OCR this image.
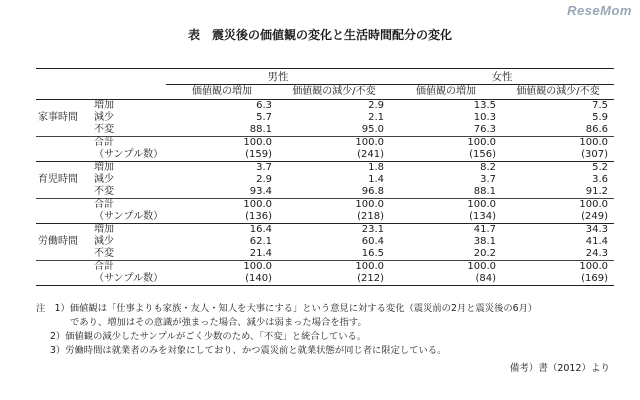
ReseMom
表　震災後の価値観の変化と生活時間配分の変化
		男性		女性	
		価値観の増加	価値観の減少/不変	価値観の増加	価値観の減少/不変
家事時間	増加	6.3	2.9	13.5	7.5
	減少	5.7	2.1	10.3	5.9
	不変	88.1	95.0	76.3	86.6
	合計	100.0	100.0	100.0	100.0
	（サンプル数）	(159)	(241)	(156)	(307)
育児時間	増加	3.7	1.8	8.2	5.2
	減少	2.9	1.4	3.7	3.6
	不変	93.4	96.8	88.1	91.2
	合計	100.0	100.0	100.0	100.0
	（サンプル数）	(136)	(218)	(134)	(249)
労働時間	増加	16.4	23.1	41.7	34.3
	減少	62.1	60.4	38.1	41.4
	不変	21.4	16.5	20.2	24.3
	合計	100.0	100.0	100.0	100.0
	（サンプル数）	(140)	(212)	(84)	(169)
注　1）価値観は「仕事よりも家族・友人・知人を大事にする」という意見に対する変化（震災前の2月と震災後の6月）
であり、増加はその意識が強まった場合、減少は弱まった場合を指す。
2）価値観の減少したサンプルがごく少数のため、「不変」と統合している。
3）労働時間は就業者のみを対象にしており、かつ震災前と就業状態が同じ者に限定している。
備考）書（2012）より
